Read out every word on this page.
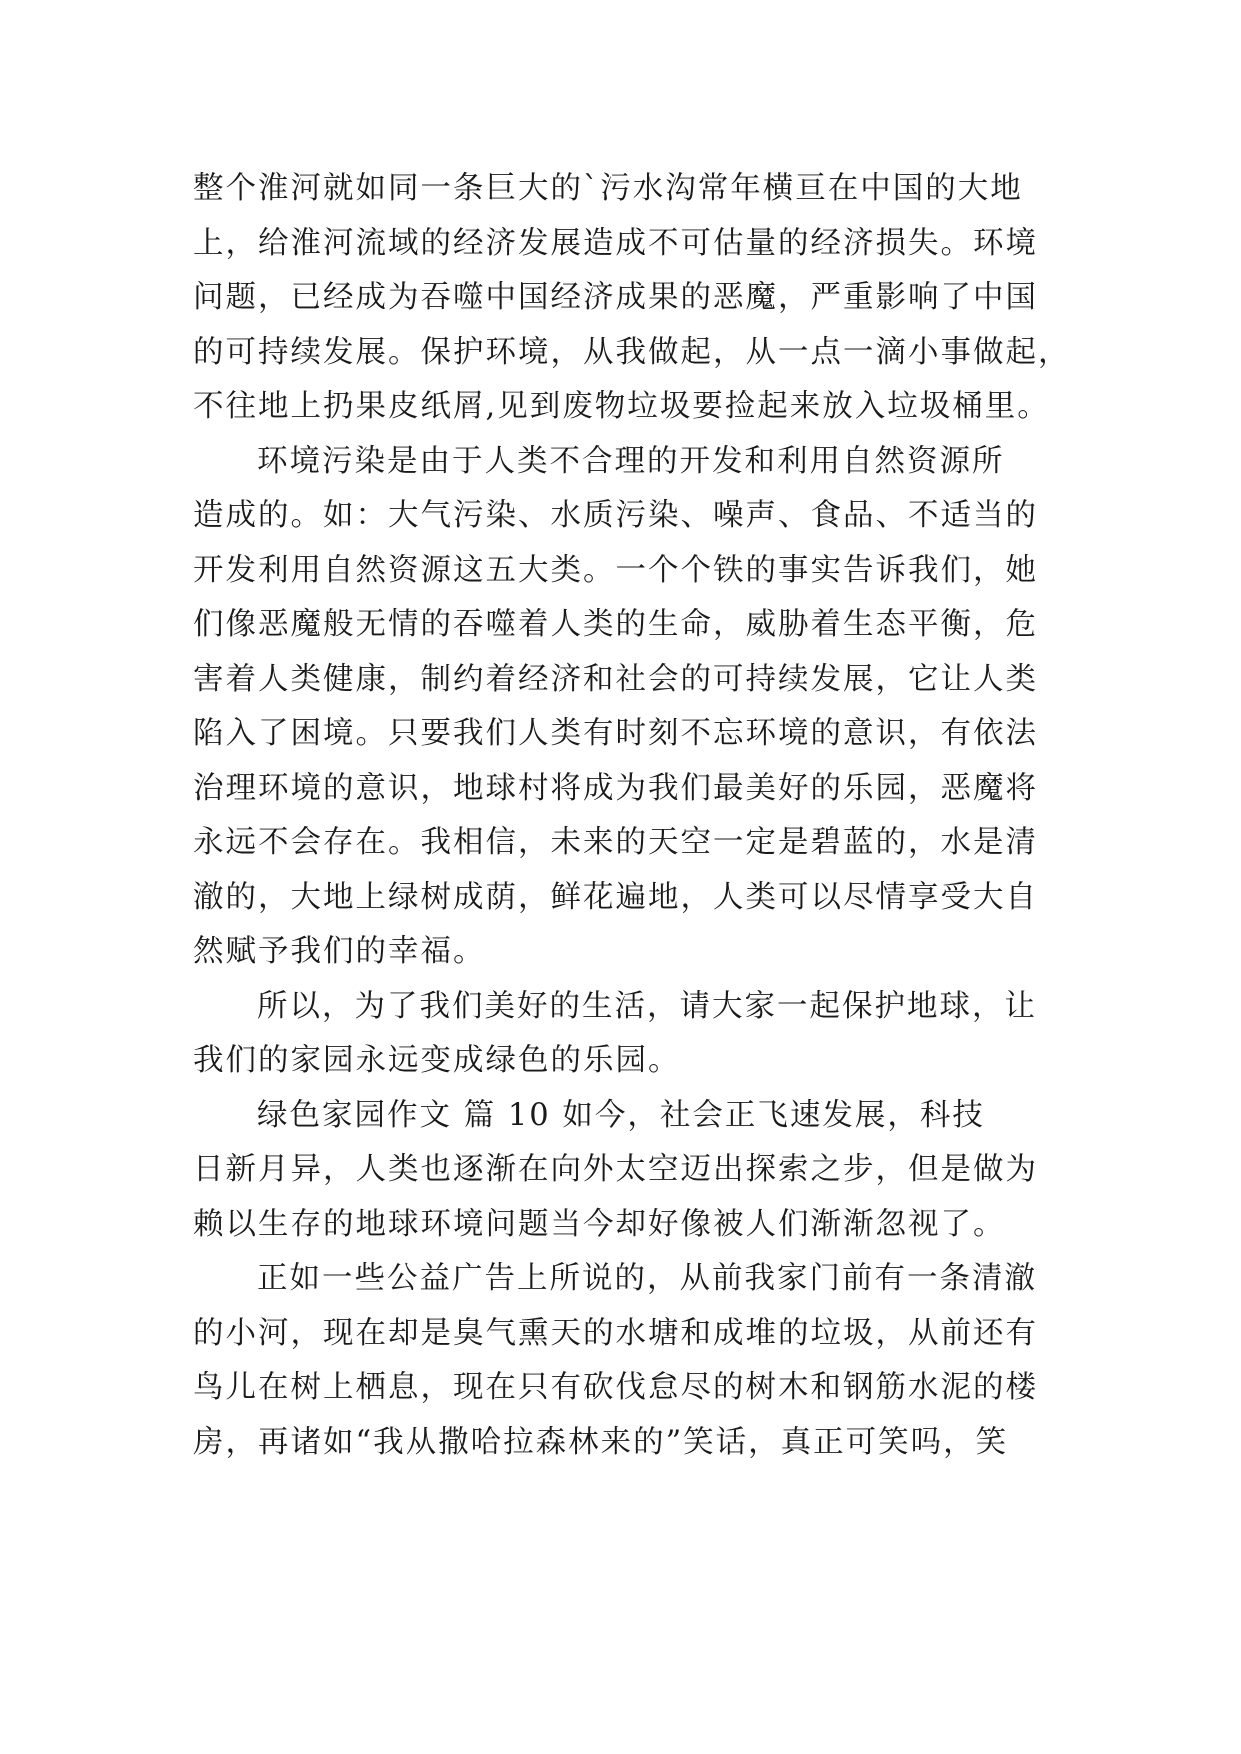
整个淮河就如同一条巨大的`污水沟常年横亘在中国的大地
上，给淮河流域的经济发展造成不可估量的经济损失。环境
问题，已经成为吞噬中国经济成果的恶魔，严重影响了中国
的可持续发展。保护环境，从我做起，从一点一滴小事做起，
不往地上扔果皮纸屑,见到废物垃圾要捡起来放入垃圾桶里。
环境污染是由于人类不合理的开发和利用自然资源所
造成的。如：大气污染、水质污染、噪声、食品、不适当的
开发利用自然资源这五大类。一个个铁的事实告诉我们，她
们像恶魔般无情的吞噬着人类的生命，威胁着生态平衡，危
害着人类健康，制约着经济和社会的可持续发展，它让人类
陷入了困境。只要我们人类有时刻不忘环境的意识，有依法
治理环境的意识，地球村将成为我们最美好的乐园，恶魔将
永远不会存在。我相信，未来的天空一定是碧蓝的，水是清
澈的，大地上绿树成荫，鲜花遍地，人类可以尽情享受大自
然赋予我们的幸福。
所以，为了我们美好的生活，请大家一起保护地球，让
我们的家园永远变成绿色的乐园。
绿色家园作文 篇 10 如今，社会正飞速发展，科技
日新月异，人类也逐渐在向外太空迈出探索之步，但是做为
赖以生存的地球环境问题当今却好像被人们渐渐忽视了。
正如一些公益广告上所说的，从前我家门前有一条清澈
的小河，现在却是臭气熏天的水塘和成堆的垃圾，从前还有
鸟儿在树上栖息，现在只有砍伐怠尽的树木和钢筋水泥的楼
房，再诸如“我从撒哈拉森林来的”笑话，真正可笑吗，笑
